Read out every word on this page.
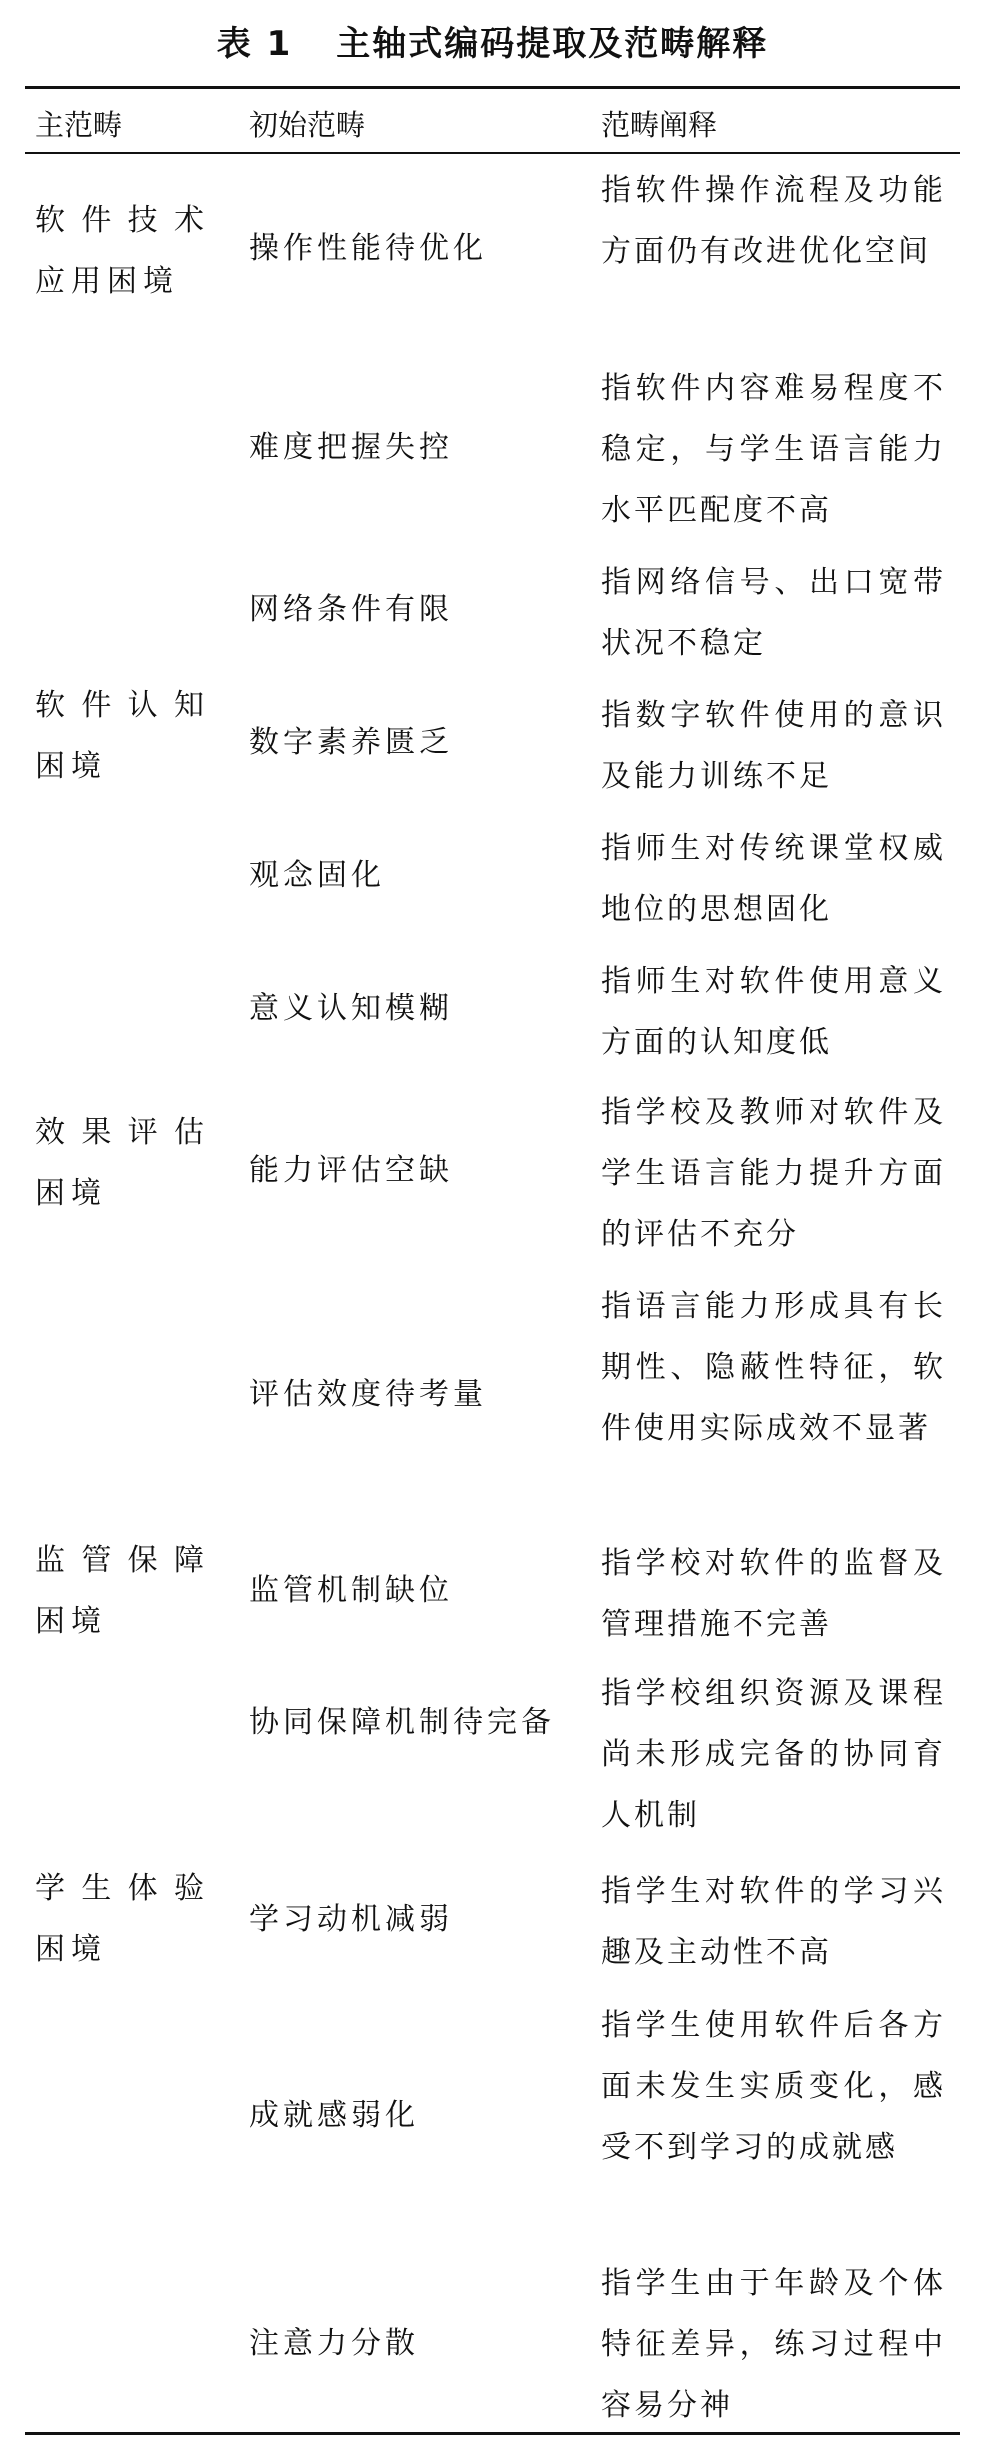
表 1 主轴式编码提取及范畴解释
主范畴	初始范畴	范畴阐释
软件技术应用困境
软件认知困境
效果评估困境
监管保障困境
学生体验困境
操作性能待优化
难度把握失控
网络条件有限
数字素养匮乏
观念固化
意义认知模糊
能力评估空缺
评估效度待考量
监管机制缺位
协同保障机制待完备
学习动机减弱
成就感弱化
注意力分散
指软件操作流程及功能方面仍有改进优化空间
指软件内容难易程度不稳定，与学生语言能力水平匹配度不高
指网络信号、出口宽带状况不稳定
指数字软件使用的意识及能力训练不足
指师生对传统课堂权威地位的思想固化
指师生对软件使用意义方面的认知度低
指学校及教师对软件及学生语言能力提升方面的评估不充分
指语言能力形成具有长期性、隐蔽性特征，软件使用实际成效不显著
指学校对软件的监督及管理措施不完善
指学校组织资源及课程尚未形成完备的协同育人机制
指学生对软件的学习兴趣及主动性不高
指学生使用软件后各方面未发生实质变化，感受不到学习的成就感
指学生由于年龄及个体特征差异，练习过程中容易分神
